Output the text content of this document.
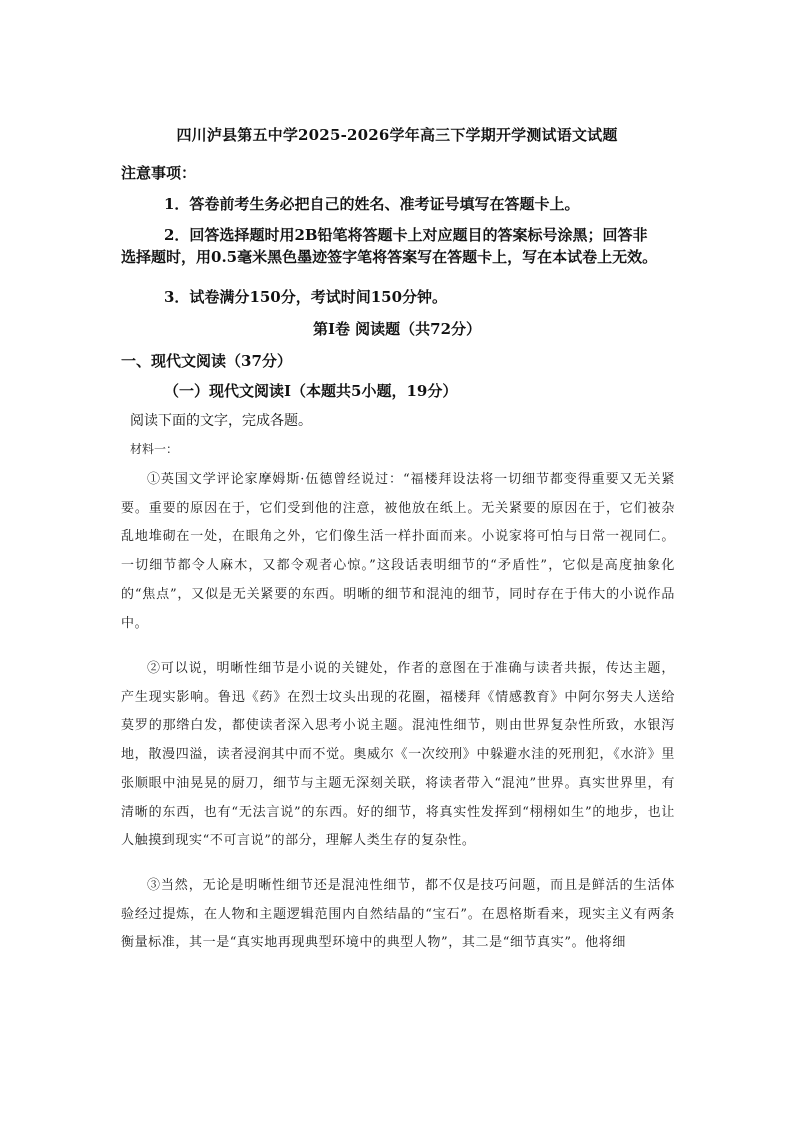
四川泸县第五中学2025-2026学年高三下学期开学测试语文试题
注意事项：
1．答卷前考生务必把自己的姓名、准考证号填写在答题卡上。
2．回答选择题时用2B铅笔将答题卡上对应题目的答案标号涂黑；回答非
选择题时，用0.5毫米黑色墨迹签字笔将答案写在答题卡上，写在本试卷上无效。
3．试卷满分150分，考试时间150分钟。
第I卷 阅读题（共72分）
一、现代文阅读（37分）
（一）现代文阅读I（本题共5小题，19分）
阅读下面的文字，完成各题。
材料一：
①英国文学评论家摩姆斯·伍德曾经说过：“福楼拜设法将一切细节都变得重要又无关紧要。重要的原因在于，它们受到他的注意，被他放在纸上。无关紧要的原因在于，它们被杂乱地堆砌在一处，在眼角之外，它们像生活一样扑面而来。小说家将可怕与日常一视同仁。一切细节都令人麻木，又都令观者心惊。”这段话表明细节的“矛盾性”，它似是高度抽象化的“焦点”，又似是无关紧要的东西。明晰的细节和混沌的细节，同时存在于伟大的小说作品中。
②可以说，明晰性细节是小说的关键处，作者的意图在于准确与读者共振，传达主题，产生现实影响。鲁迅《药》在烈士坟头出现的花圈，福楼拜《情感教育》中阿尔努夫人送给莫罗的那绺白发，都使读者深入思考小说主题。混沌性细节，则由世界复杂性所致，水银泻地，散漫四溢，读者浸润其中而不觉。奥威尔《一次绞刑》中躲避水洼的死刑犯，《水浒》里张顺眼中油晃晃的厨刀，细节与主题无深刻关联，将读者带入“混沌”世界。真实世界里，有清晰的东西，也有“无法言说”的东西。好的细节，将真实性发挥到“栩栩如生”的地步，也让人触摸到现实“不可言说”的部分，理解人类生存的复杂性。
③当然，无论是明晰性细节还是混沌性细节，都不仅是技巧问题，而且是鲜活的生活体验经过提炼，在人物和主题逻辑范围内自然结晶的“宝石”。在恩格斯看来，现实主义有两条衡量标准，其一是“真实地再现典型环境中的典型人物”，其二是“细节真实”。他将细
